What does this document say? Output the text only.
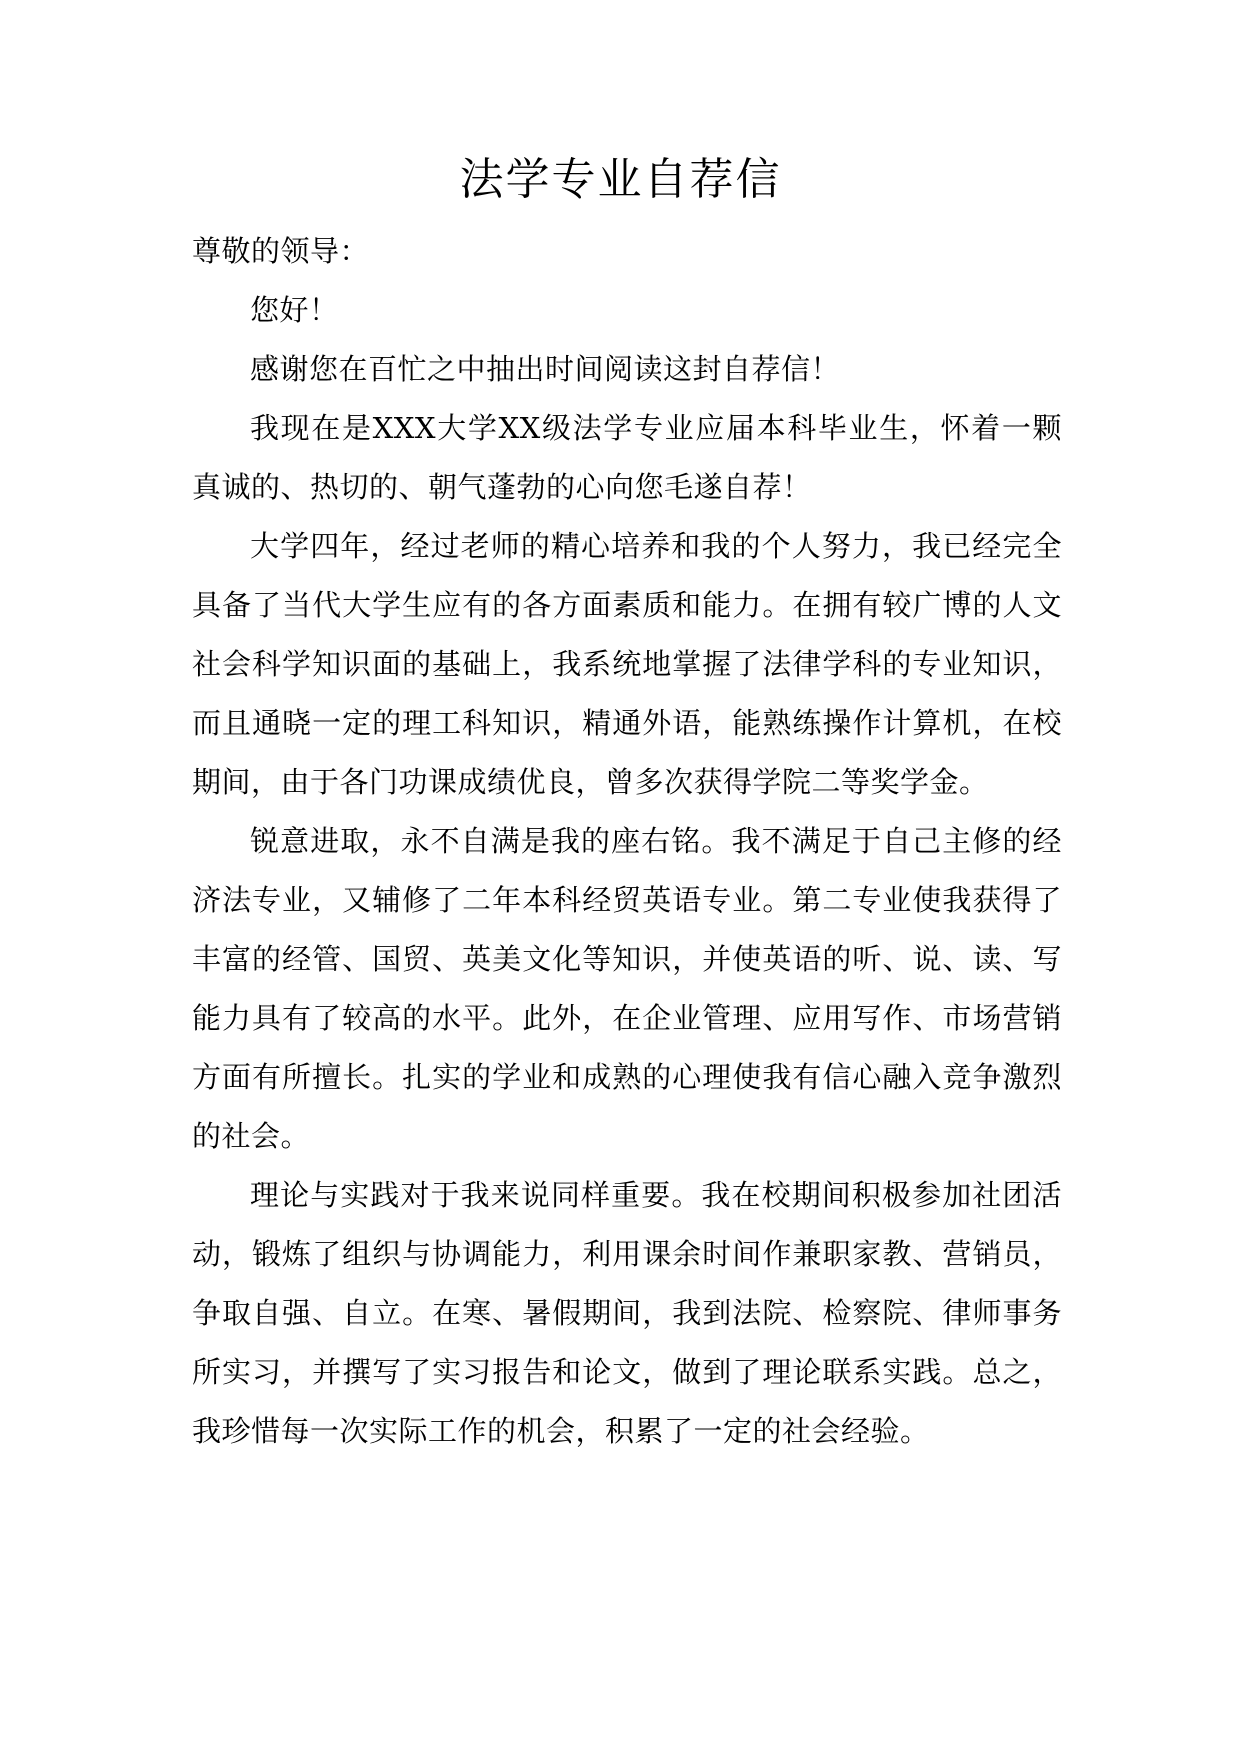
法学专业自荐信

尊敬的领导：

您好！

感谢您在百忙之中抽出时间阅读这封自荐信！

我现在是XXX大学XX级法学专业应届本科毕业生，怀着一颗真诚的、热切的、朝气蓬勃的心向您毛遂自荐！

大学四年，经过老师的精心培养和我的个人努力，我已经完全具备了当代大学生应有的各方面素质和能力。在拥有较广博的人文社会科学知识面的基础上，我系统地掌握了法律学科的专业知识，而且通晓一定的理工科知识，精通外语，能熟练操作计算机，在校期间，由于各门功课成绩优良，曾多次获得学院二等奖学金。

锐意进取，永不自满是我的座右铭。我不满足于自己主修的经济法专业，又辅修了二年本科经贸英语专业。第二专业使我获得了丰富的经管、国贸、英美文化等知识，并使英语的听、说、读、写能力具有了较高的水平。此外，在企业管理、应用写作、市场营销方面有所擅长。扎实的学业和成熟的心理使我有信心融入竞争激烈的社会。

理论与实践对于我来说同样重要。我在校期间积极参加社团活动，锻炼了组织与协调能力，利用课余时间作兼职家教、营销员，争取自强、自立。在寒、暑假期间，我到法院、检察院、律师事务所实习，并撰写了实习报告和论文，做到了理论联系实践。总之，我珍惜每一次实际工作的机会，积累了一定的社会经验。
